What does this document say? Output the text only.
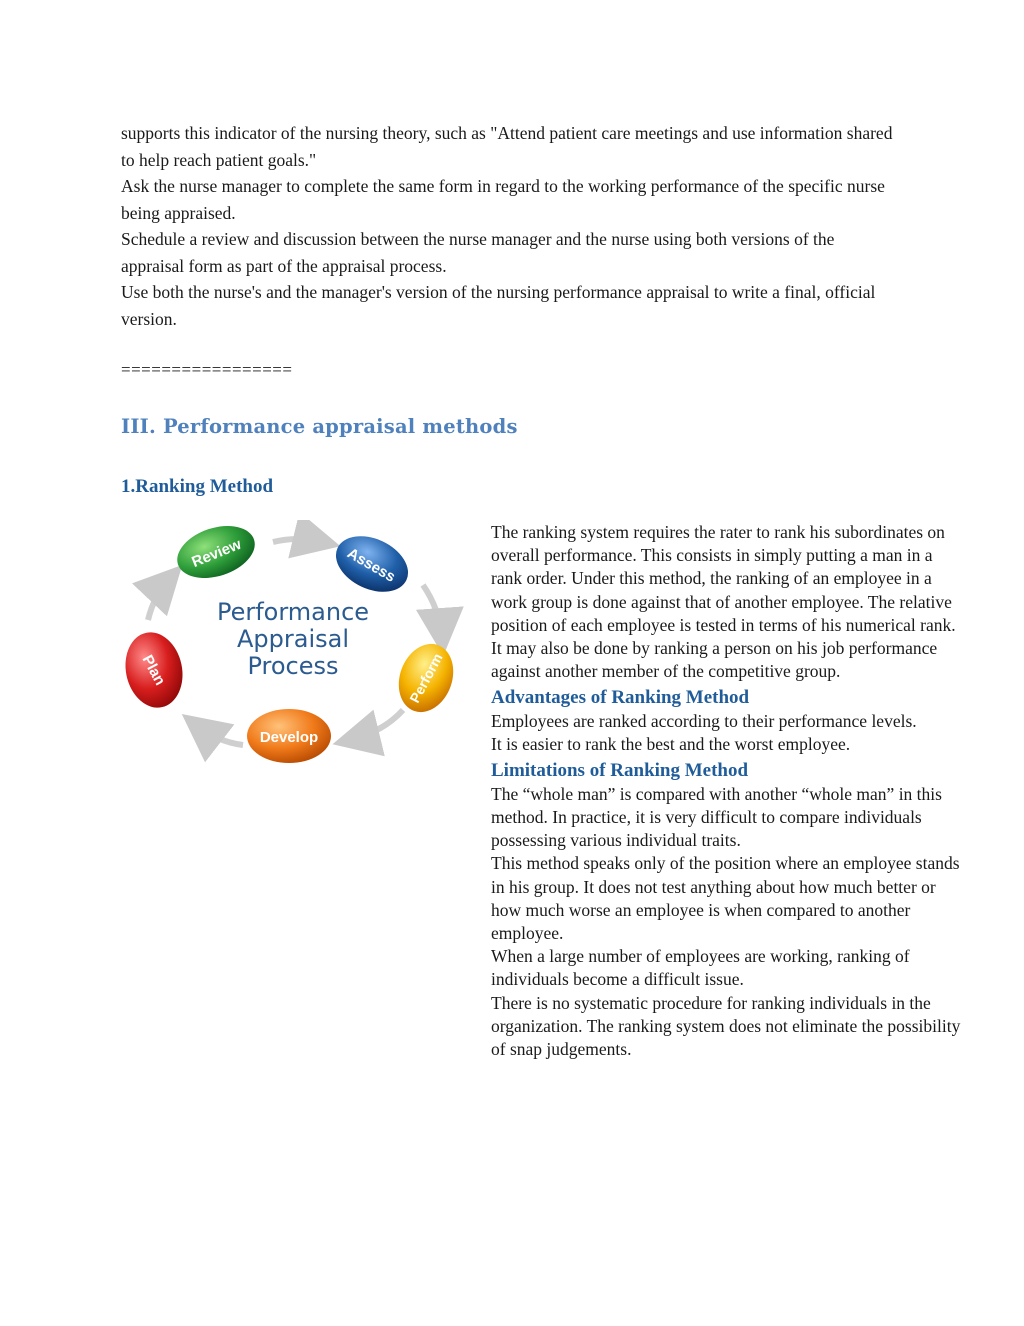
supports this indicator of the nursing theory, such as "Attend patient care meetings and use information shared to help reach patient goals."

Ask the nurse manager to complete the same form in regard to the working performance of the specific nurse being appraised.

Schedule a review and discussion between the nurse manager and the nurse using both versions of the appraisal form as part of the appraisal process.

Use both the nurse's and the manager's version of the nursing performance appraisal to write a final, official version.

=================
III. Performance appraisal methods
1.Ranking Method
Review	Assess
Perform
Develop
Plan
Performance
Appraisal
Process

The ranking system requires the rater to rank his subordinates on overall performance. This consists in simply putting a man in a rank order. Under this method, the ranking of an employee in a work group is done against that of another employee. The relative position of each employee is tested in terms of his numerical rank. It may also be done by ranking a person on his job performance against another member of the competitive group.

Advantages of Ranking Method

Employees are ranked according to their performance levels.

It is easier to rank the best and the worst employee.

Limitations of Ranking Method

The “whole man” is compared with another “whole man” in this method. In practice, it is very difficult to compare individuals possessing various individual traits.

This method speaks only of the position where an employee stands in his group. It does not test anything about how much better or how much worse an employee is when compared to another employee.

When a large number of employees are working, ranking of individuals become a difficult issue.

There is no systematic procedure for ranking individuals in the organization. The ranking system does not eliminate the possibility of snap judgements.
